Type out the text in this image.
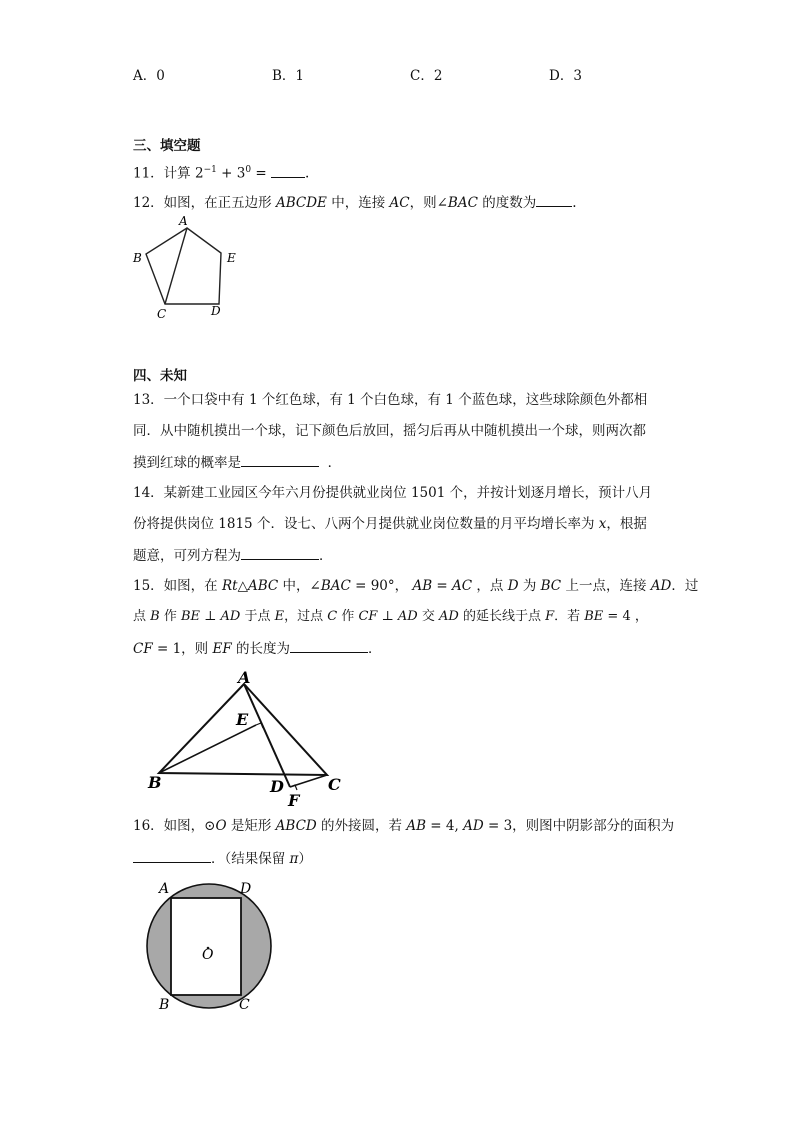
A．0	B．1	C．2	D．3
三、填空题
11．计算 $2^{-1} + 3^0$ =	.
12．如图，在正五边形 ABCDE 中，连接 AC，则∠BAC 的度数为	.
A
B
C	D
E
四、未知
13．一个口袋中有 1 个红色球，有 1 个白色球，有 1 个蓝色球，这些球除颜色外都相
同．从中随机摸出一个球，记下颜色后放回，摇匀后再从中随机摸出一个球，则两次都
摸到红球的概率是	．
14．某新建工业园区今年六月份提供就业岗位 1501 个，并按计划逐月增长，预计八月
份将提供岗位 1815 个．设七、八两个月提供就业岗位数量的月平均增长率为 x，根据
题意，可列方程为	．
15．如图，在 Rt△ABC 中，∠BAC = 90°， AB = AC ，点 D 为 BC 上一点，连接 AD．过
点 B 作 BE ⊥ AD 于点 E，过点 C 作 CF ⊥ AD 交 AD 的延长线于点 F．若 BE = 4 ，
CF = 1，则 EF 的长度为	．
A
B	C
D
E
F
16．如图，⊙O 是矩形 ABCD 的外接圆，若 AB = 4, AD = 3，则图中阴影部分的面积为
．（结果保留 π）
A	D
B	C
O
